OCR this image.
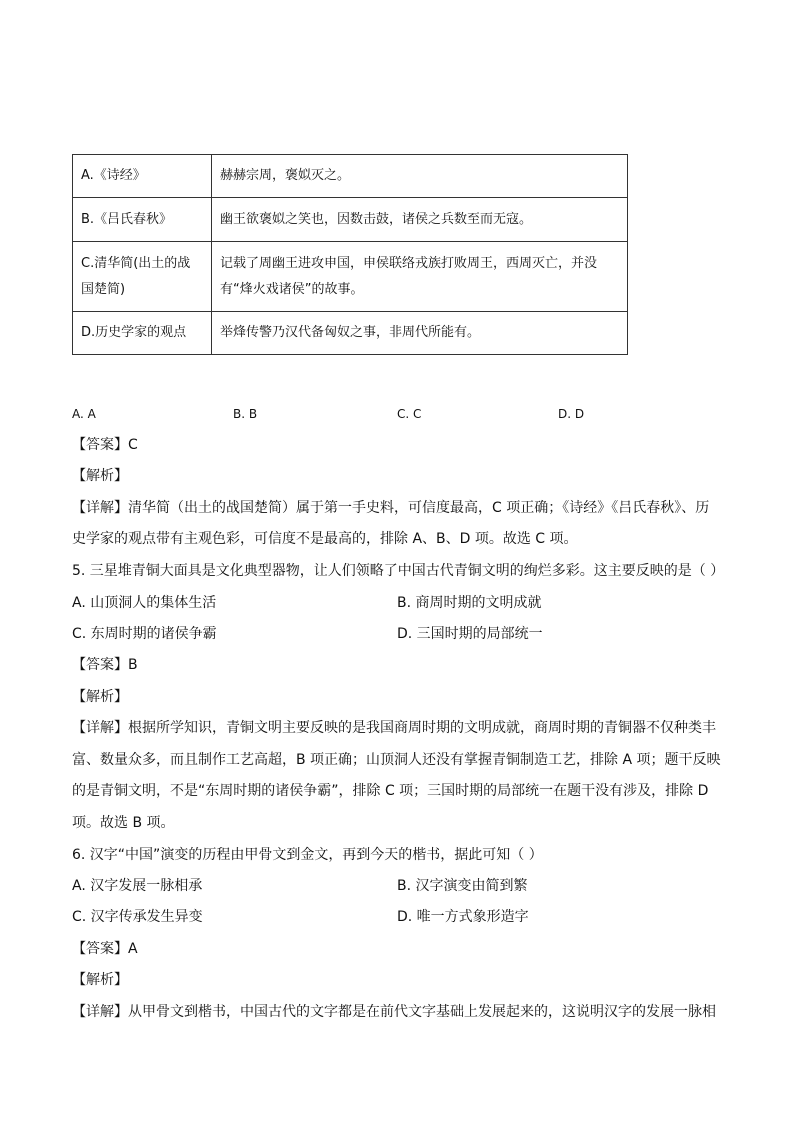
A.《诗经》	赫赫宗周，褒姒灭之。
B.《吕氏春秋》	幽王欲褒姒之笑也，因数击鼓，诸侯之兵数至而无寇。
C.清华简(出土的战国楚简)	记载了周幽王进攻申国，申侯联络戎族打败周王，西周灭亡，并没有“烽火戏诸侯”的故事。
D.历史学家的观点	举烽传警乃汉代备匈奴之事，非周代所能有。
A. A	B. B	C. C	D. D
【答案】C
【解析】
【详解】清华简（出土的战国楚简）属于第一手史料，可信度最高，C 项正确；《诗经》《吕氏春秋》、历
史学家的观点带有主观色彩，可信度不是最高的，排除 A、B、D 项。故选 C 项。
5. 三星堆青铜大面具是文化典型器物，让人们领略了中国古代青铜文明的绚烂多彩。这主要反映的是（ ）
A. 山顶洞人的集体生活	B. 商周时期的文明成就
C. 东周时期的诸侯争霸	D. 三国时期的局部统一
【答案】B
【解析】
【详解】根据所学知识，青铜文明主要反映的是我国商周时期的文明成就，商周时期的青铜器不仅种类丰
富、数量众多，而且制作工艺高超，B 项正确；山顶洞人还没有掌握青铜制造工艺，排除 A 项；题干反映
的是青铜文明，不是“东周时期的诸侯争霸”，排除 C 项；三国时期的局部统一在题干没有涉及，排除 D
项。故选 B 项。
6. 汉字“中国”演变的历程由甲骨文到金文，再到今天的楷书，据此可知（ ）
A. 汉字发展一脉相承	B. 汉字演变由简到繁
C. 汉字传承发生异变	D. 唯一方式象形造字
【答案】A
【解析】
【详解】从甲骨文到楷书，中国古代的文字都是在前代文字基础上发展起来的，这说明汉字的发展一脉相
